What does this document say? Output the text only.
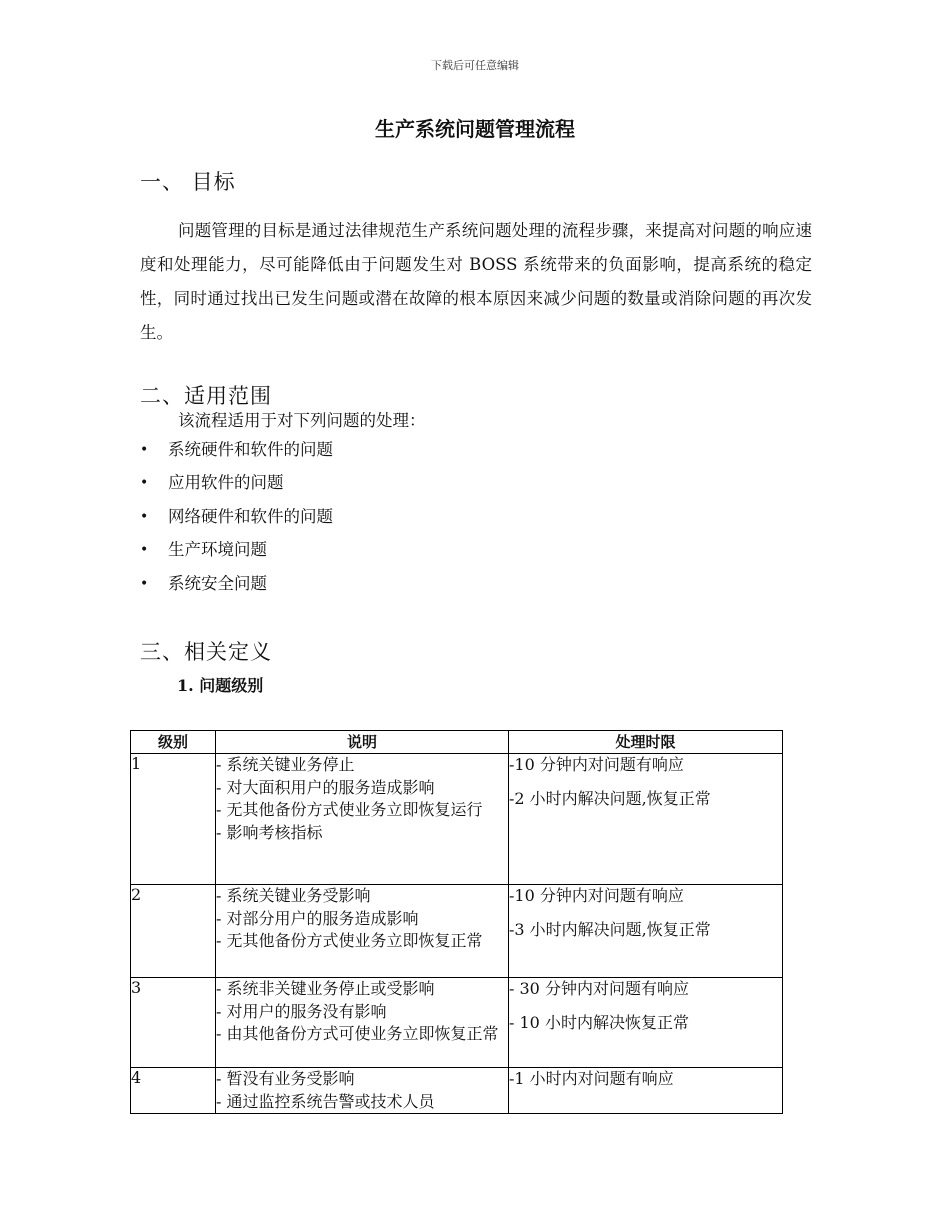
下载后可任意编辑
生产系统问题管理流程
一、 目标

问题管理的目标是通过法律规范生产系统问题处理的流程步骤，来提高对问题的响应速度和处理能力，尽可能降低由于问题发生对 BOSS 系统带来的负面影响，提高系统的稳定性，同时通过找出已发生问题或潜在故障的根本原因来减少问题的数量或消除问题的再次发生。

二、适用范围

该流程适用于对下列问题的处理：

•	系统硬件和软件的问题
•	应用软件的问题
•	网络硬件和软件的问题
•	生产环境问题
•	系统安全问题
三、相关定义

1. 问题级别

级别	说明	处理时限
1	- 系统关键业务停止
- 对大面积用户的服务造成影响
- 无其他备份方式使业务立即恢复运行
- 影响考核指标	-10 分钟内对问题有响应
-2 小时内解决问题,恢复正常

2	- 系统关键业务受影响
- 对部分用户的服务造成影响
- 无其他备份方式使业务立即恢复正常	-10 分钟内对问题有响应
-3 小时内解决问题,恢复正常

3	- 系统非关键业务停止或受影响
- 对用户的服务没有影响
- 由其他备份方式可使业务立即恢复正常	- 30 分钟内对问题有响应
- 10 小时内解决恢复正常

4	- 暂没有业务受影响
- 通过监控系统告警或技术人员	-1 小时内对问题有响应
